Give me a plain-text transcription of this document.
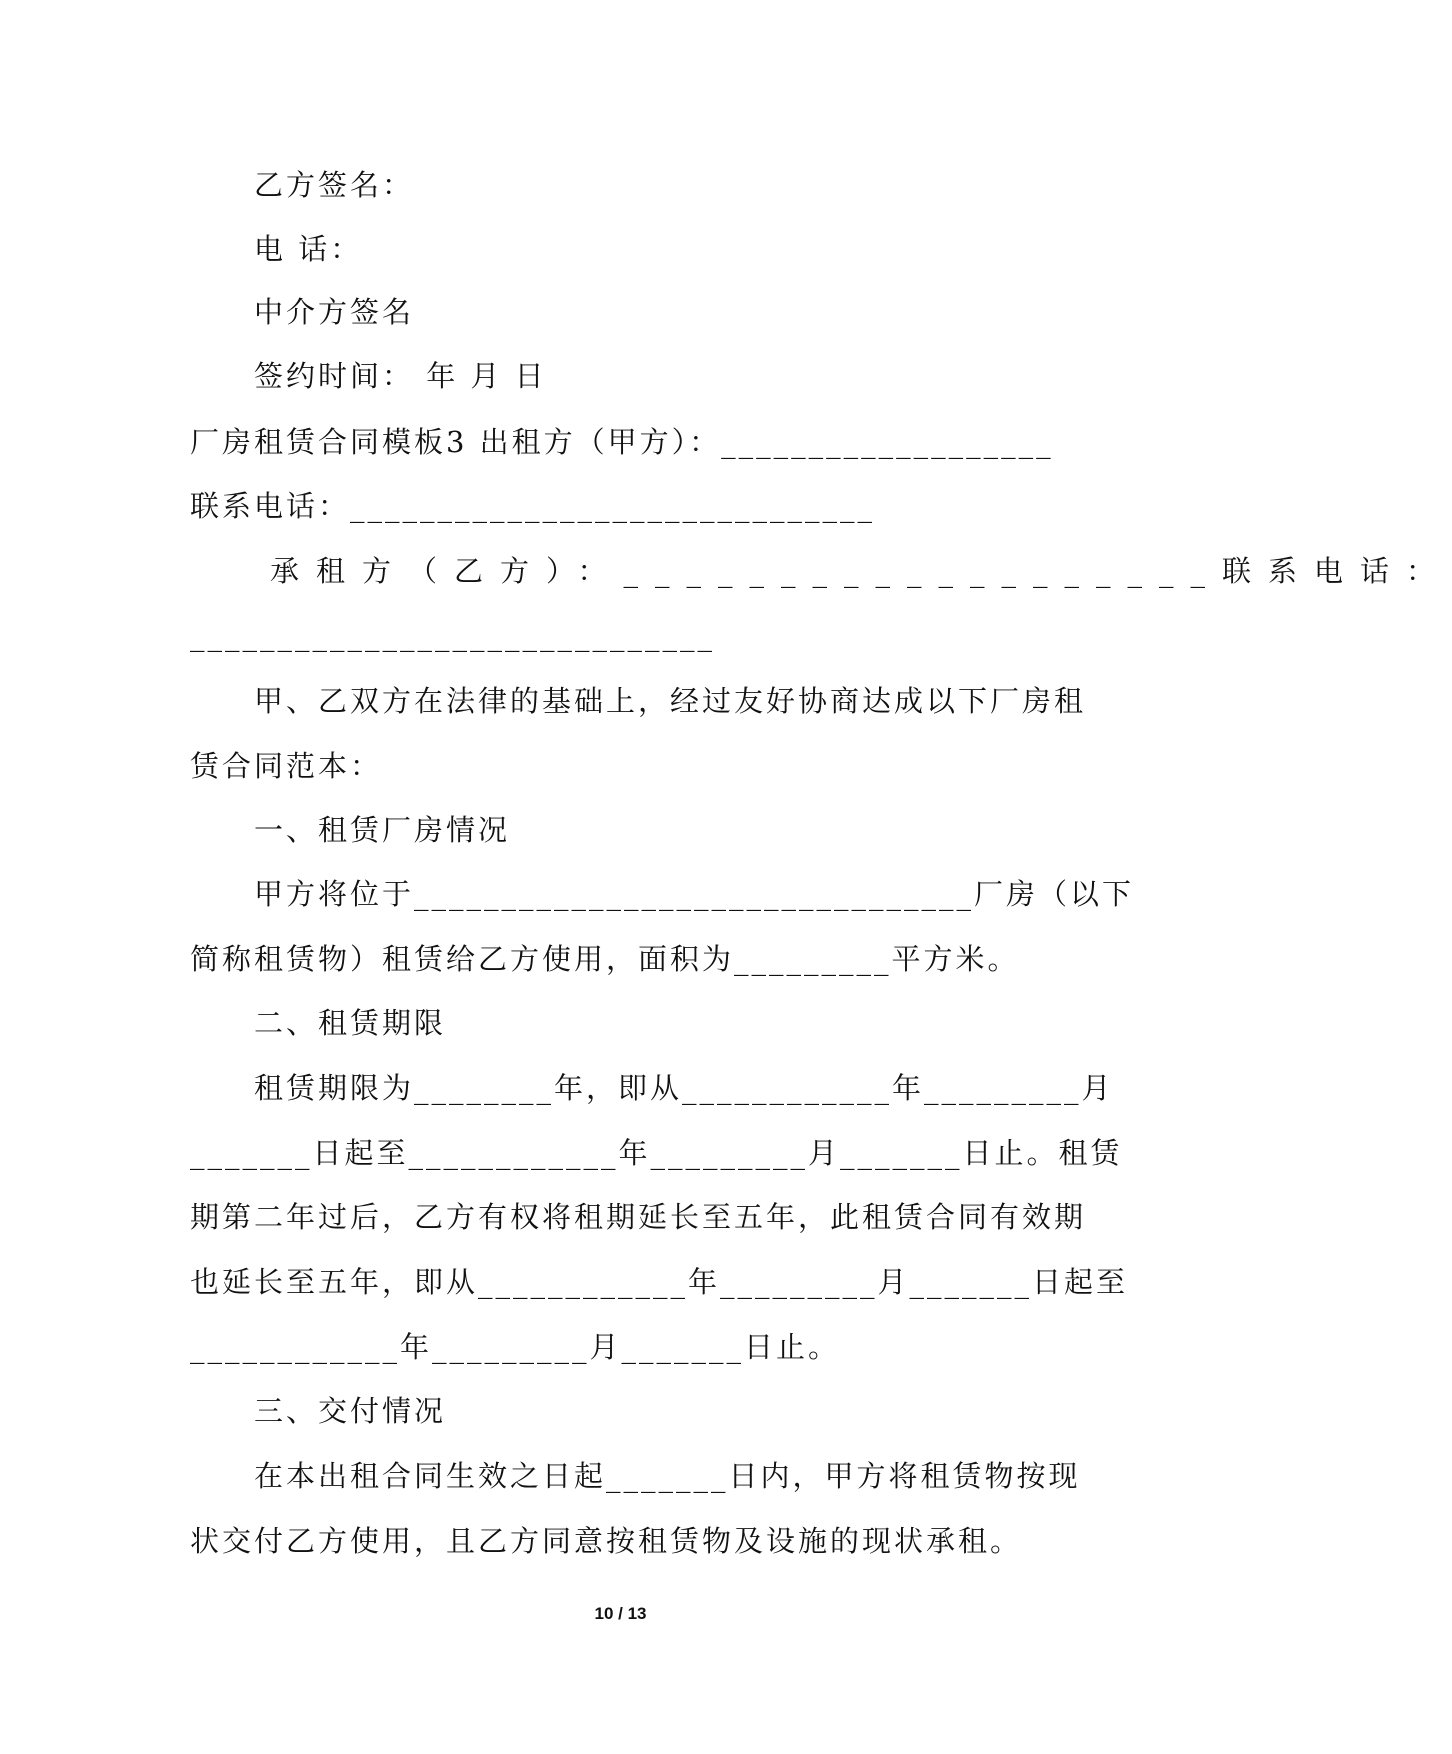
乙方签名：
电 话：
中介方签名
签约时间： 年 月 日
厂房租赁合同模板3 出租方（甲方）：___________________
联系电话：______________________________
承租方（乙方）：___________________联系电话：
______________________________
甲、乙双方在法律的基础上，经过友好协商达成以下厂房租
赁合同范本：
一、租赁厂房情况
甲方将位于________________________________厂房（以下
简称租赁物）租赁给乙方使用，面积为_________平方米。
二、租赁期限
租赁期限为________年，即从____________年_________月
_______日起至____________年_________月_______日止。租赁
期第二年过后，乙方有权将租期延长至五年，此租赁合同有效期
也延长至五年，即从____________年_________月_______日起至
____________年_________月_______日止。
三、交付情况
在本出租合同生效之日起_______日内，甲方将租赁物按现
状交付乙方使用，且乙方同意按租赁物及设施的现状承租。
10 / 13
